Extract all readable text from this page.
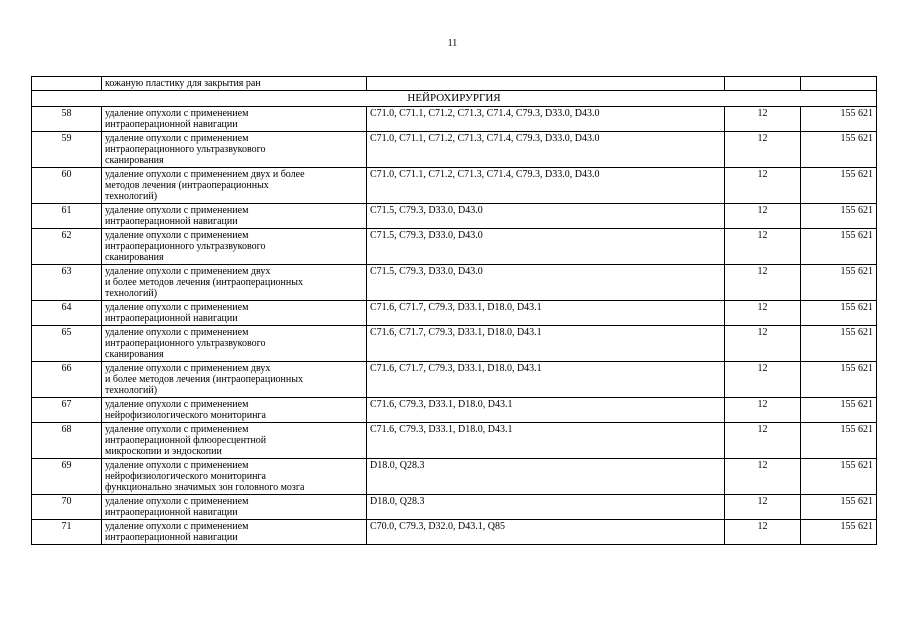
11
	кожаную пластику для закрытия ран			
НЕЙРОХИРУРГИЯ				
58	удаление опухоли с применением
интраоперационной навигации	C71.0, C71.1, C71.2, C71.3, C71.4, C79.3, D33.0, D43.0	12	155 621
59	удаление опухоли с применением
интраоперационного ультразвукового
сканирования	C71.0, C71.1, C71.2, C71.3, C71.4, C79.3, D33.0, D43.0	12	155 621
60	удаление опухоли с применением двух и более
методов лечения (интраоперационных
технологий)	C71.0, C71.1, C71.2, C71.3, C71.4, C79.3, D33.0, D43.0	12	155 621
61	удаление опухоли с применением
интраоперационной навигации	C71.5, C79.3, D33.0, D43.0	12	155 621
62	удаление опухоли с применением
интраоперационного ультразвукового
сканирования	C71.5, C79.3, D33.0, D43.0	12	155 621
63	удаление опухоли с применением двух
и более методов лечения (интраоперационных
технологий)	C71.5, C79.3, D33.0, D43.0	12	155 621
64	удаление опухоли с применением
интраоперационной навигации	C71.6, C71.7, C79.3, D33.1, D18.0, D43.1	12	155 621
65	удаление опухоли с применением
интраоперационного ультразвукового
сканирования	C71.6, C71.7, C79.3, D33.1, D18.0, D43.1	12	155 621
66	удаление опухоли с применением двух
и более методов лечения (интраоперационных
технологий)	C71.6, C71.7, C79.3, D33.1, D18.0, D43.1	12	155 621
67	удаление опухоли с применением
нейрофизиологического мониторинга	C71.6, C79.3, D33.1, D18.0, D43.1	12	155 621
68	удаление опухоли с применением
интраоперационной флюоресцентной
микроскопии и эндоскопии	C71.6, C79.3, D33.1, D18.0, D43.1	12	155 621
69	удаление опухоли с применением
нейрофизиологического мониторинга
функционально значимых зон головного мозга	D18.0, Q28.3	12	155 621
70	удаление опухоли с применением
интраоперационной навигации	D18.0, Q28.3	12	155 621
71	удаление опухоли с применением
интраоперационной навигации	C70.0, C79.3, D32.0, D43.1, Q85	12	155 621
